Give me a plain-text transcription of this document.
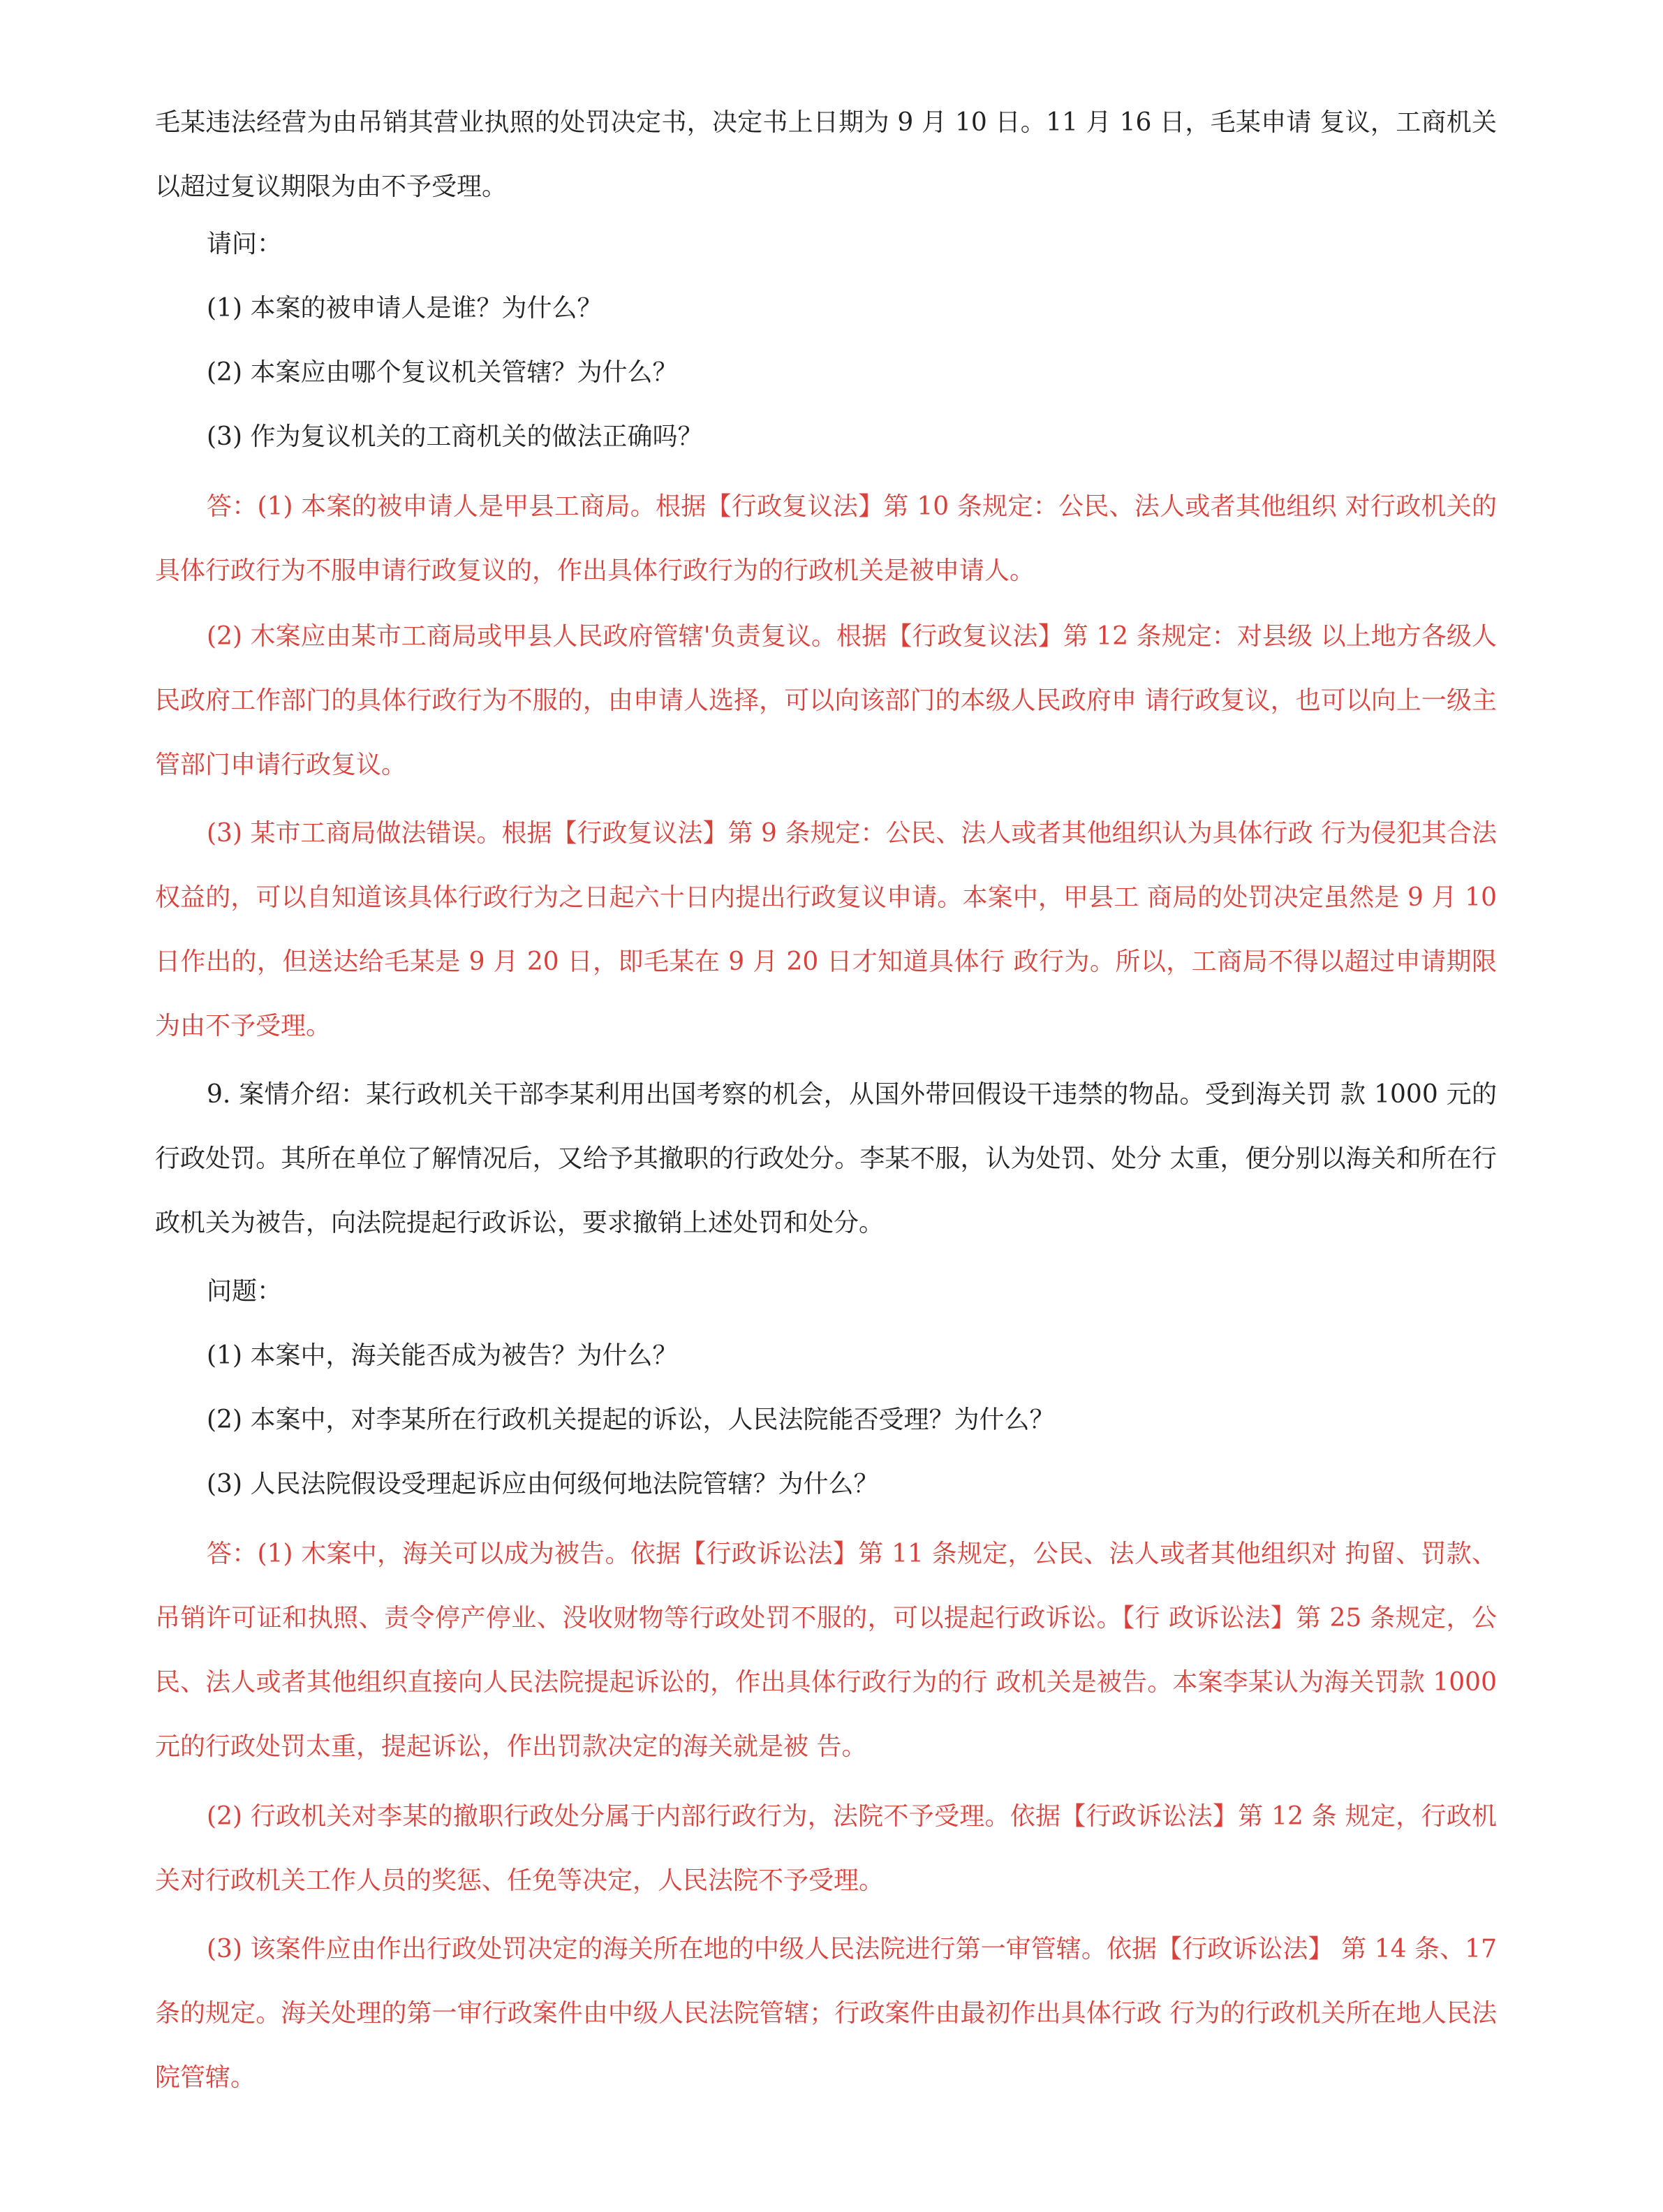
毛某违法经营为由吊销其营业执照的处罚决定书，决定书上日期为 9 月 10 日。11 月 16 日，毛某申请 复议，工商机关以超过复议期限为由不予受理。

请问：

(1) 本案的被申请人是谁？为什么？

(2) 本案应由哪个复议机关管辖？为什么？

(3) 作为复议机关的工商机关的做法正确吗？

答：(1) 本案的被申请人是甲县工商局。根据【行政复议法】第 10 条规定：公民、法人或者其他组织 对行政机关的具体行政行为不服申请行政复议的，作出具体行政行为的行政机关是被申请人。

(2) 木案应由某市工商局或甲县人民政府管辖'负责复议。根据【行政复议法】第 12 条规定：对县级 以上地方各级人民政府工作部门的具体行政行为不服的，由申请人选择，可以向该部门的本级人民政府申 请行政复议，也可以向上一级主管部门申请行政复议。

(3) 某市工商局做法错误。根据【行政复议法】第 9 条规定：公民、法人或者其他组织认为具体行政 行为侵犯其合法权益的，可以自知道该具体行政行为之日起六十日内提出行政复议申请。本案中，甲县工 商局的处罚决定虽然是 9 月 10 日作出的，但送达给毛某是 9 月 20 日，即毛某在 9 月 20 日才知道具体行 政行为。所以，工商局不得以超过申请期限为由不予受理。

9. 案情介绍：某行政机关干部李某利用出国考察的机会，从国外带回假设干违禁的物品。受到海关罚 款 1000 元的行政处罚。其所在单位了解情况后，又给予其撤职的行政处分。李某不服，认为处罚、处分 太重，便分别以海关和所在行政机关为被告，向法院提起行政诉讼，要求撤销上述处罚和处分。

问题：

(1) 本案中，海关能否成为被告？为什么？

(2) 本案中，对李某所在行政机关提起的诉讼，人民法院能否受理？为什么？

(3) 人民法院假设受理起诉应由何级何地法院管辖？为什么？

答：(1) 木案中，海关可以成为被告。依据【行政诉讼法】第 11 条规定，公民、法人或者其他组织对 拘留、罚款、吊销许可证和执照、责令停产停业、没收财物等行政处罚不服的，可以提起行政诉讼。【行 政诉讼法】第 25 条规定，公民、法人或者其他组织直接向人民法院提起诉讼的，作出具体行政行为的行 政机关是被告。本案李某认为海关罚款 1000 元的行政处罚太重，提起诉讼，作出罚款决定的海关就是被 告。

(2) 行政机关对李某的撤职行政处分属于内部行政行为，法院不予受理。依据【行政诉讼法】第 12 条 规定，行政机关对行政机关工作人员的奖惩、任免等决定，人民法院不予受理。

(3) 该案件应由作出行政处罚决定的海关所在地的中级人民法院进行第一审管辖。依据【行政诉讼法】 第 14 条、17 条的规定。海关处理的第一审行政案件由中级人民法院管辖；行政案件由最初作出具体行政 行为的行政机关所在地人民法院管辖。
